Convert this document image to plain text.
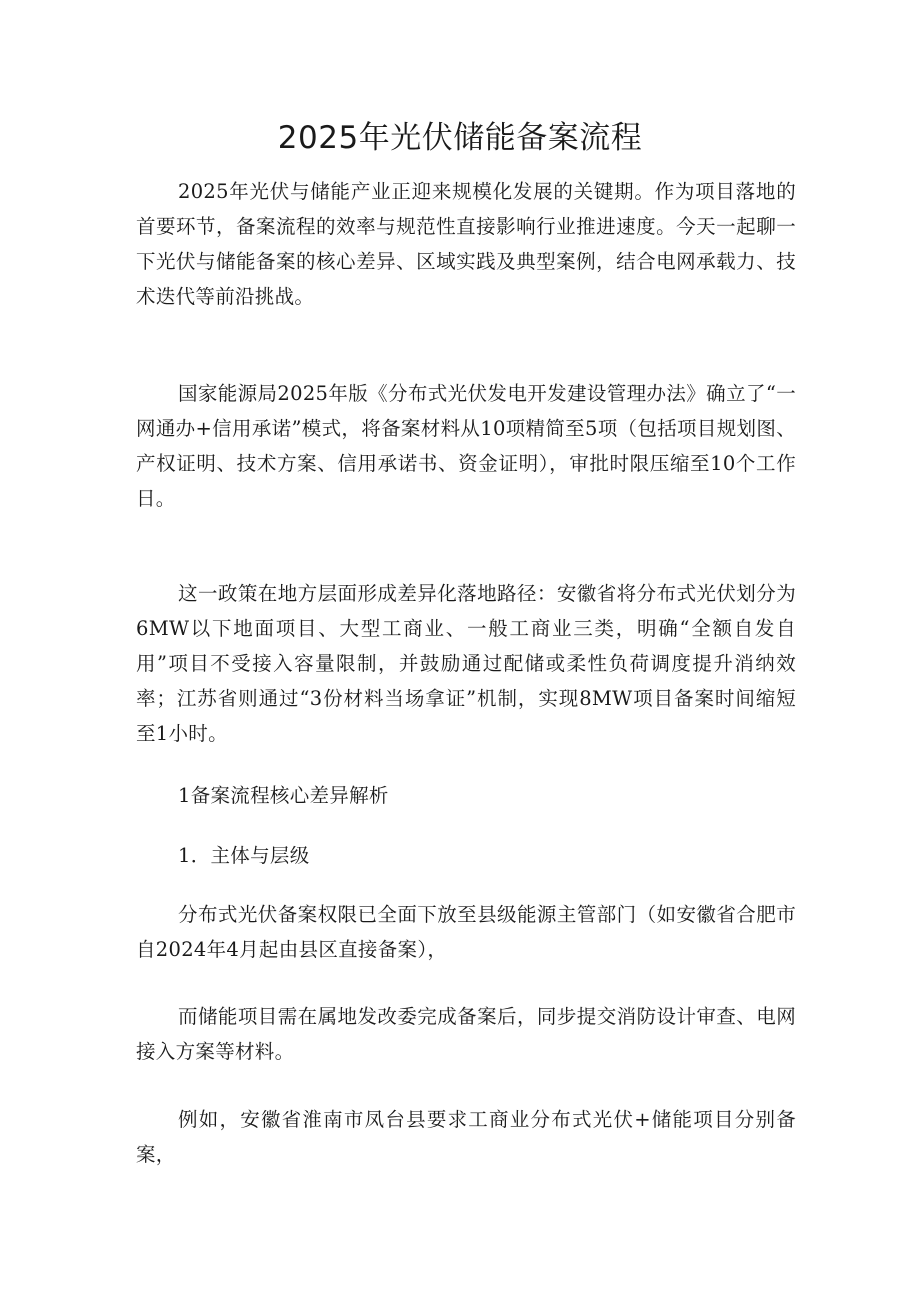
2025年光伏储能备案流程

2025年光伏与储能产业正迎来规模化发展的关键期。作为项目落地的首要环节，备案流程的效率与规范性直接影响行业推进速度。今天一起聊一下光伏与储能备案的核心差异、区域实践及典型案例，结合电网承载力、技术迭代等前沿挑战。

国家能源局2025年版《分布式光伏发电开发建设管理办法》确立了“一网通办+信用承诺”模式，将备案材料从10项精简至5项（包括项目规划图、产权证明、技术方案、信用承诺书、资金证明），审批时限压缩至10个工作日。

这一政策在地方层面形成差异化落地路径：安徽省将分布式光伏划分为6MW以下地面项目、大型工商业、一般工商业三类，明确“全额自发自用”项目不受接入容量限制，并鼓励通过配储或柔性负荷调度提升消纳效率；江苏省则通过“3份材料当场拿证”机制，实现8MW项目备案时间缩短至1小时。

1备案流程核心差异解析

1．主体与层级

分布式光伏备案权限已全面下放至县级能源主管部门（如安徽省合肥市自2024年4月起由县区直接备案），

而储能项目需在属地发改委完成备案后，同步提交消防设计审查、电网接入方案等材料。

例如，安徽省淮南市凤台县要求工商业分布式光伏+储能项目分别备案，
